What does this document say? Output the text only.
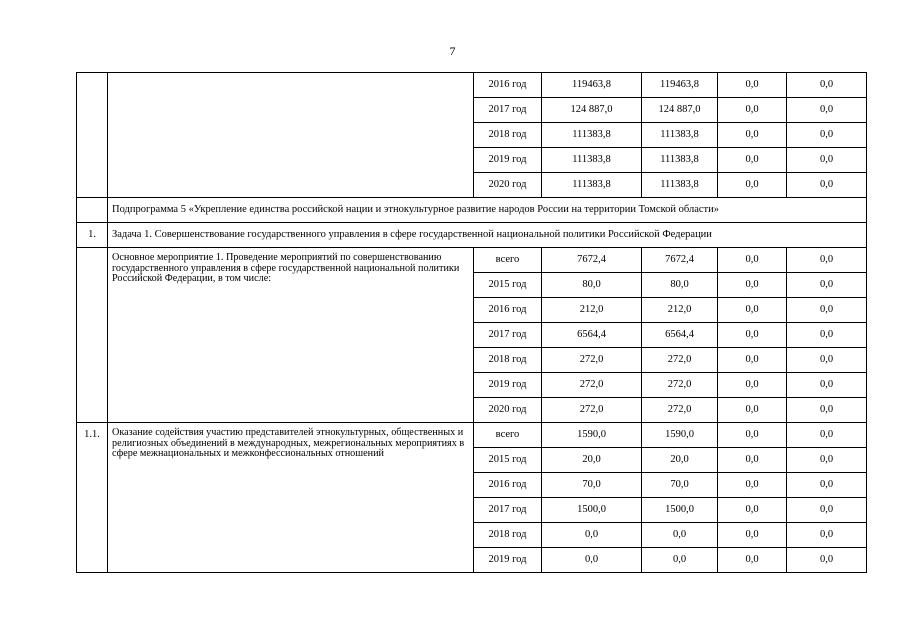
7
		2016 год	119463,8	119463,8	0,0	0,0
		2017 год	124 887,0	124 887,0	0,0	0,0
		2018 год	111383,8	111383,8	0,0	0,0
		2019 год	111383,8	111383,8	0,0	0,0
		2020 год	111383,8	111383,8	0,0	0,0
	Подпрограмма 5 «Укрепление единства российской нации и этнокультурное развитие народов России на территории Томской области»					
1.	Задача 1. Совершенствование государственного управления в сфере государственной национальной политики Российской Федерации					
	Основное мероприятие 1. Проведение мероприятий по совершенствованию государственного управления в сфере государственной национальной политики Российской Федерации, в том числе:	всего	7672,4	7672,4	0,0	0,0
		2015 год	80,0	80,0	0,0	0,0
		2016 год	212,0	212,0	0,0	0,0
		2017 год	6564,4	6564,4	0,0	0,0
		2018 год	272,0	272,0	0,0	0,0
		2019 год	272,0	272,0	0,0	0,0
		2020 год	272,0	272,0	0,0	0,0
1.1.	Оказание содействия участию представителей этнокультурных, общественных и религиозных объединений в международных, межрегиональных мероприятиях в сфере межнациональных и межконфессиональных отношений	всего	1590,0	1590,0	0,0	0,0
		2015 год	20,0	20,0	0,0	0,0
		2016 год	70,0	70,0	0,0	0,0
		2017 год	1500,0	1500,0	0,0	0,0
		2018 год	0,0	0,0	0,0	0,0
		2019 год	0,0	0,0	0,0	0,0
